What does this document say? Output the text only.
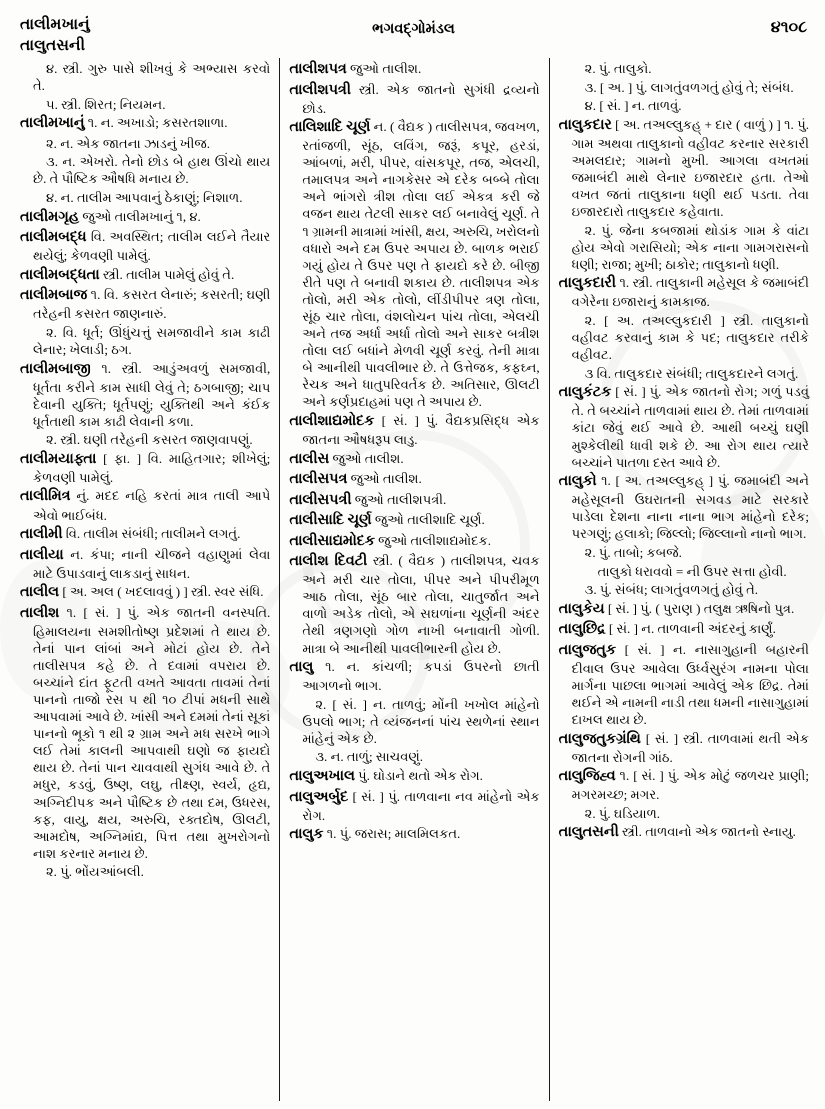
તાલીમખાનું
તાલુતસની
ભગવદ્ગોમંડલ	૪૧૦૮

૪. સ્ત્રી. ગુરુ પાસે શીખવું કે અભ્યાસ કરવો તે.

૫. સ્ત્રી. શિરત; નિયમન.

તાલીમખાનું ૧. ન. અખાડો; કસરતશાળા.

૨. ન. એક જાતના ઝાડનું ખીજ.

૩. ન. એખરો. તેનો છોડ બે હાથ ઊંચો થાય છે. તે પૌષ્ટિક ઔષધિ મનાય છે.

૪. ન. તાલીમ આપવાનું ઠેકાણું; નિશાળ.

તાલીમગૃહ જુઓ તાલીમખાનું ૧, ૪.

તાલીમબદ્ધ વિ. અવસ્થિત; તાલીમ લઈને તૈયાર થયેલું; કેળવણી પામેલું.

તાલીમબદ્ધતા સ્ત્રી. તાલીમ પામેલું હોવું તે.

તાલીમબાજ ૧. વિ. કસરત લેનારું; કસરતી; ઘણી તરેહની કસરત જાણનારું.

૨. વિ. ધૂર્ત; ઊંધુંચત્તું સમજાવીને કામ કાઢી લેનાર; ખેલાડી; ઠગ.

તાલીમબાજી ૧. સ્ત્રી. આડુંઅવળું સમજાવી, ધૂર્તતા કરીને કામ સાધી લેવું તે; ઠગબાજી; ચાપ દેવાની યુક્તિ; ધૂર્તપણું; યુક્તિથી અને કંઈક ધૂર્તતાથી કામ કાઢી લેવાની કળા.

૨. સ્ત્રી. ઘણી તરેહની કસરત જાણવાપણું.

તાલીમયાફ્તા [ ફા. ] વિ. માહિતગાર; શીખેલું; કેળવણી પામેલું.

તાલીમિત્ર નું. મદદ નહિ કરતાં માત્ર તાલી આપે એવો ભાઈબંધ.

તાલીમી વિ. તાલીમ સંબંધી; તાલીમને લગતું.

તાલીયા ન. કંપા; નાની ચીજને વહાણુમાં લેવા માટે ઉપાડવાનું લાકડાનું સાધન.

તાલીલ [ અ. અલ ( ખદલાવવું ) ] સ્ત્રી. સ્વર સંધિ.

તાલીશ ૧. [ સં. ] પું. એક જાતની વનસ્પતિ. હિમાલયના સમશીતોષ્ણ પ્રદેશમાં તે થાય છે. તેનાં પાન લાંબાં અને મોટાં હોય છે. તેને તાલીસપત્ર કહે છે. તે દવામાં વપરાય છે. બચ્ચાંને દાંત ફૂટતી વખતે આવતા તાવમાં તેનાં પાનનો તાજો રસ ૫ થી ૧૦ ટીપાં મધની સાથે આપવામાં આવે છે. ખાંસી અને દમમાં તેનાં સૂકાં પાનનો ભૂકો ૧ થી ૨ ગ્રામ અને મધ સરખે ભાગે લઈ તેમાં કાલની આપવાથી ઘણો જ ફાયદો થાય છે. તેનાં પાન ચાવવાથી સુગંધ આવે છે. તે મધુર, કડવું, ઉષ્ણ, લઘુ, તીક્ષ્ણ, સ્વર્ય, હૃદ્ય, અગ્નિદીપક અને પૌષ્ટિક છે તથા દમ, ઉધરસ, કફ, વાયુ, ક્ષય, અરુચિ, રક્તદોષ, ઊલટી, આમદોષ, અગ્નિમાંદ્ય, પિત્ત તથા મુખરોગનો નાશ કરનાર મનાય છે.

૨. પું. ભોંયઆંબલી.

તાલીશપત્ર જુઓ તાલીશ.

તાલીશપત્રી સ્ત્રી. એક જાતનો સુગંધી દ્રવ્યનો છોડ.

તાલિશાદિ ચૂર્ણ ન. ( વૈદ્યક ) તાલીસપત્ર, જવખળ, રતાંજળી, સૂંઠ, લવિંગ, જરૂં, કપૂર, હરડાં, આંબળાં, મરી, પીપર, વાંસકપૂર, તજ, એલચી, તમાલપત્ર અને નાગકેસર એ દરેક બબ્બે તોલા અને ભાંગરો ત્રીશ તોલા લઈ એકત્ર કરી જે વજન થાય તેટલી સાકર લઈ બનાવેલું ચૂર્ણ. તે ૧ ગ્રામની માત્રામાં ખાંસી, ક્ષય, અરુચિ, ખરોલનો વધારો અને દમ ઉપર અપાય છે. બાળક ભરાઈ ગયું હોય તે ઉપર પણ તે ફાયદો કરે છે. બીજી રીતે પણ તે બનાવી શકાય છે. તાલીશપત્ર એક તોલો, મરી એક તોલો, લીંડીપીપર ત્રણ તોલા, સૂંઠ ચાર તોલા, વંશલોચન પાંચ તોલા, એલચી અને તજ અર્ધા અર્ધા તોલો અને સાકર બત્રીશ તોલા લઈ બધાંને મેળવી ચૂર્ણ કરવું. તેની માત્રા બે આનીથી પાવલીભાર છે. તે ઉત્તેજક, કફઘ્ન, રેચક અને ધાતુપરિવર્તક છે. અતિસાર, ઊલટી અને કર્ણપ્રદાહમાં પણ તે અપાય છે.

તાલીશાદ્યમોદક [ સં. ] પું. વૈદ્યકપ્રસિદ્ધ એક જાતના ઔષધરૂપ લાડુ.

તાલીસ જુઓ તાલીશ.

તાલીસપત્ર જુઓ તાલીશ.

તાલીસપત્રી જુઓ તાલીશપત્રી.

તાલીસાદિ ચૂર્ણ જુઓ તાલીશાદિ ચૂર્ણ.

તાલીસાદ્યમોદક જુઓ તાલીશાદ્યમોદક.

તાલીશ દિવટી સ્ત્રી. ( વૈદ્યક ) તાલીશપત્ર, ચવક અને મરી ચાર તોલા, પીપર અને પીપરીમૂળ આઠ તોલા, સૂંઠ બાર તોલા, ચાતુર્જાત અને વાળો અડેક તોલો, એ સઘળાંના ચૂર્ણની અંદર તેથી ત્રણગણો ગોળ નાખી બનાવાતી ગોળી. માત્રા બે આનીથી પાવલીભારની હોય છે.

તાલુ ૧. ન. કાંચળી; કપડાં ઉપરનો છાતી આગળનો ભાગ.

૨. [ સં. ] ન. તાળવું; મોંની ખખોલ માંહેનો ઉપલો ભાગ; તે વ્યંજનનાં પાંચ સ્થળેનાં સ્થાન માંહેનું એક છે.

૩. ન. તાળું; સાચવણું.

તાલુઅખાલ પું. ઘોડાને થતો એક રોગ.

તાલુઅર્બુદ [ સં. ] પું. તાળવાના નવ માંહેનો એક રોગ.

તાલુક ૧. પું. જરાસ; માલમિલકત.

૨. પું. તાલુકો.

૩. [ અ. ] પું. લાગતુંવળગતું હોવું તે; સંબંધ.

૪. [ સં. ] ન. તાળવું.

તાલુકદાર [ અ. તઅલ્લુકહ્ + દાર ( વાળું ) ] ૧. પું. ગામ અથવા તાલુકાનો વહીવટ કરનાર સરકારી અમલદાર; ગામનો મુખી. આગલા વખતમાં જમાબંદી માથે લેનાર ઇજારદાર હતા. તેઓ વખત જતાં તાલુકાના ધણી થઈ પડતા. તેવા ઇજારદારો તાલુકદાર કહેવાતા.

૨. પું. જેના કબજામાં થોડાંક ગામ કે વાંટા હોય એવો ગરાસિયો; એક નાના ગામગરાસનો ધણી; રાજા; મુખી; ઠાકોર; તાલુકાનો ધણી.

તાલુકદારી ૧. સ્ત્રી. તાલુકાની મહેસૂલ કે જમાબંદી વગેરેના ઇજારાનું કામકાજ.

૨. [ અ. તઅલ્લુકદારી ] સ્ત્રી. તાલુકાનો વહીવટ કરવાનું કામ કે પદ; તાલુકદાર તરીકે વહીવટ.

૩ વિ. તાલુકદાર સંબંધી; તાલુકદારને લગતું.

તાલુકંટક [ સં. ] પું. એક જાતનો રોગ; ગળું પડવું તે. તે બચ્ચાંને તાળવામાં થાય છે. તેમાં તાળવામાં કાંટા જેવું થઈ આવે છે. આથી બચ્ચું ઘણી મુશ્કેલીથી ધાવી શકે છે. આ રોગ થાય ત્યારે બચ્ચાંને પાતળા દસ્ત આવે છે.

તાલુકો ૧. [ અ. તઅલ્લુકહ્ ] પું. જમાબંદી અને મહેસૂલની ઉઘરાતની સગવડ માટે સરકારે પાડેલા દેશના નાના નાના ભાગ માંહેનો દરેક; પરગણું; હલાકો; જિલ્લો; જિલ્લાનો નાનો ભાગ.

૨. પું. તાબો; કબજે.

તાલુકો ધરાવવો = ની ઉપર સત્તા હોવી.

૩. પું. સંબંધ; લાગતુંવળગતું હોવું તે.

તાલુકેય [ સં. ] પું. ( પુરાણ ) તલુક્ષ ઋષિનો પુત્ર.

તાલુછિદ્ર [ સં. ] ન. તાળવાની અંદરનું કાર્ણું.

તાલુજતુક [ સં. ] ન. નાસાગુહાની બહારની દીવાલ ઉપર આવેલા ઉર્ધ્વસુરંગ નામના પોલા માર્ગના પાછલા ભાગમાં આવેલું એક છિદ્ર. તેમાં થઈને એ નામની નાડી તથા ધમની નાસાગુહામાં દાખલ થાય છે.

તાલુજતુકગ્રંથિ [ સં. ] સ્ત્રી. તાળવામાં થતી એક જાતના રોગની ગાંઠ.

તાલુજિહ્વ ૧. [ સં. ] પું. એક મોટું જળચર પ્રાણી; મગરમચ્છ; મગર.

૨. પું. ઘડિયાળ.

તાલુતસની સ્ત્રી. તાળવાનો એક જાતનો સ્નાયુ.
